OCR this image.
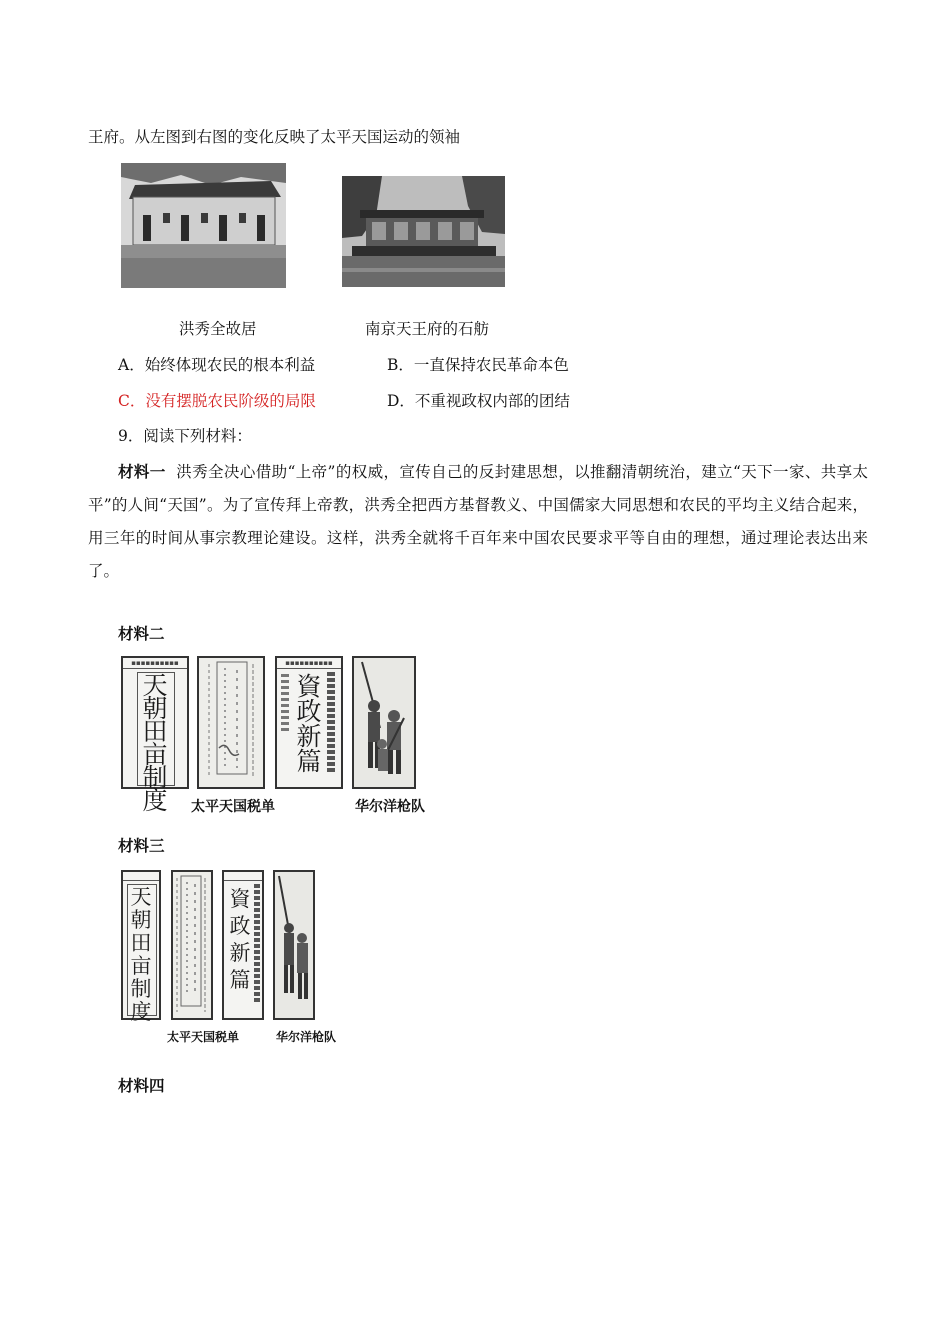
王府。从左图到右图的变化反映了太平天国运动的领袖
洪秀全故居	南京天王府的石舫
A．始终体现农民的根本利益	B．一直保持农民革命本色
C．没有摆脱农民阶级的局限	D．不重视政权内部的团结
9．阅读下列材料：
材料一 洪秀全决心借助“上帝”的权威，宣传自己的反封建思想，以推翻清朝统治，建立“天下一家、共享太平”的人间“天国”。为了宣传拜上帝教，洪秀全把西方基督教义、中国儒家大同思想和农民的平均主义结合起来，用三年的时间从事宗教理论建设。这样，洪秀全就将千百年来中国农民要求平等自由的理想，通过理论表达出来了。
材料二
▪▪▪▪▪▪▪▪▪▪
天朝田亩制度 太平天国税单
▪▪▪▪▪▪▪▪▪▪
資政新篇
华尔洋枪队
材料三
天朝田亩制度
太平天国税单
資政新篇
华尔洋枪队
材料四
